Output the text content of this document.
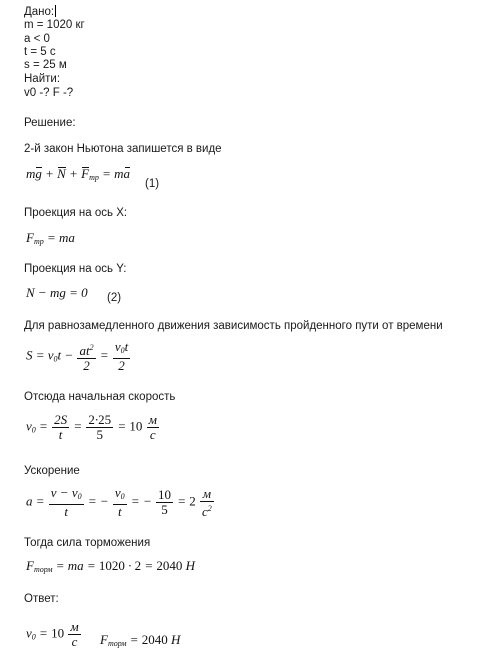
Дано:
m = 1020 кг
a < 0
t = 5 с
s = 25 м
Найти:
v0 -? F -?
Решение:
2-й закон Ньютона запишется в виде
mg + $N + F_{тр}$ = ma
(1)
Проекция на ось X:
$F_{тр}$ = ma
Проекция на ось Y:
N − mg = 0 (2)
Для равнозамедленного движения зависимость пройденного пути от времени
$S = v_0t - \frac{at^2}{2} = \frac{v_0t}{2}$
Отсюда начальная скорость
$v_0 = \frac{2S}{t} = \frac{2\cdot 25}{5} = 10 \frac{м}{с}$
Ускорение
$a = \frac{v - v_0}{t}$ = − $\frac{v_0}{t}$ = − $\frac{10}{5} = 2 \frac{м}{с^2}$
Тогда сила торможения
$F_{торм}$ = ma = 1020 · 2 = 2040 H
Ответ:
$v_0 = 10 \frac{м}{с} F_{торм} = 2040$ H
